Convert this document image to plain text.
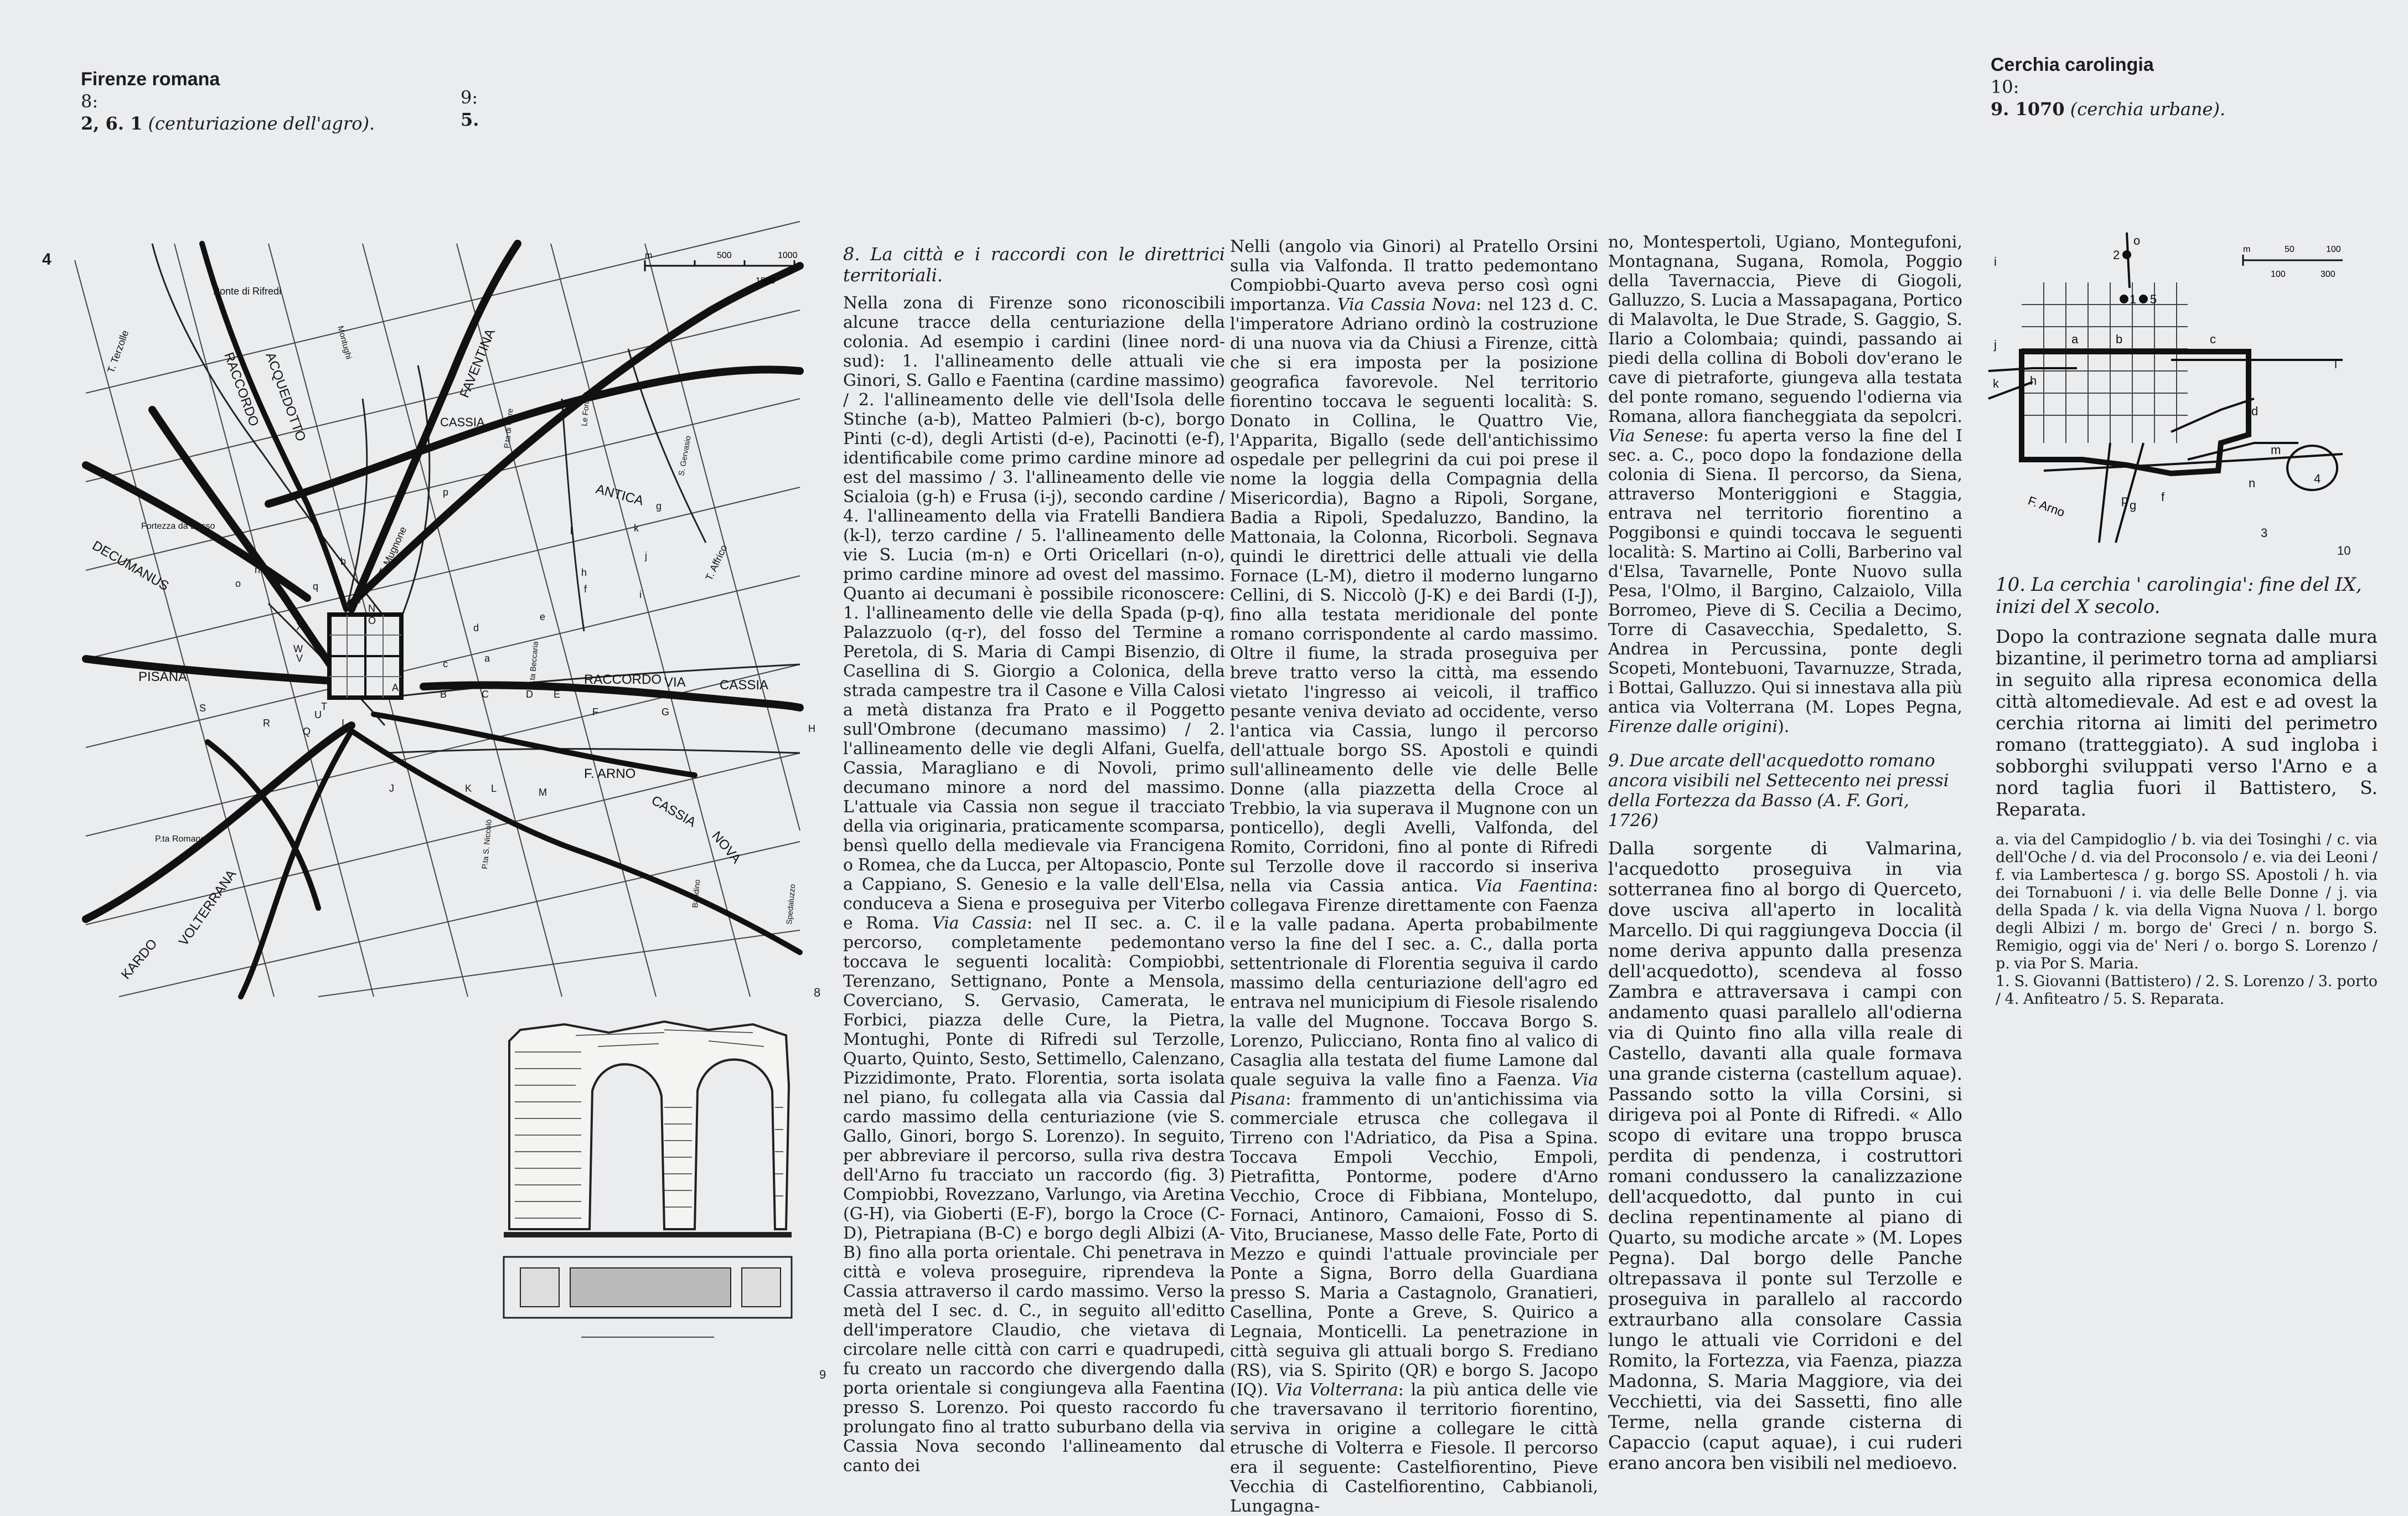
Firenze romana
8:
2, 6. 1 (centuriazione dell'agro).
9:
5.
Cerchia carolingia
10:
9. 1070 (cerchia urbane).
4	m	500	1000
1500
T. Terzolle
Ponte di Rifredi
Montughi	FAVENTINA
RACCORDO ACQUEDOTTO	CASSIA P.ta di Cure	Le Forbici
S. Gervasio
ANTICA
Fortezza da Basso	T. Mugnone
DECUMANUS	T. Affrico
PISANA	RACCORDO VIA	CASSIA
P.ta Beccaria
F. ARNO
P.ta Romana
CASSIA
NOVA
P.ta S. Niccolò
Bandino	Spedaluzzo
KARDO
VOLTERRANA
a
b
c
d
e
f
g
h
i
j
k
l
m
n
o
p
q
A
B	C	D E
F	G
H
I
J	K L	M
N
O
P
Q
R
S	T
U
V
W
X
8
9

8. La città e i raccordi con le direttrici territoriali.

Nella zona di Firenze sono riconoscibili alcune tracce della centuriazione della colonia. Ad esempio i cardini (linee nord-sud): 1. l'allineamento delle attuali vie Ginori, S. Gallo e Faentina (cardine massimo) / 2. l'allineamento delle vie dell'Isola delle Stinche (a-b), Matteo Palmieri (b-c), borgo Pinti (c-d), degli Artisti (d-e), Pacinotti (e-f), identificabile come primo cardine minore ad est del massimo / 3. l'allineamento delle vie Scialoia (g-h) e Frusa (i-j), secondo cardine / 4. l'allineamento della via Fratelli Bandiera (k-l), terzo cardine / 5. l'allineamento delle vie S. Lucia (m-n) e Orti Oricellari (n-o), primo cardine minore ad ovest del massimo. Quanto ai decumani è possibile riconoscere: 1. l'allineamento delle vie della Spada (p-q), Palazzuolo (q-r), del fosso del Termine a Peretola, di S. Maria di Campi Bisenzio, di Casellina di S. Giorgio a Colonica, della strada campestre tra il Casone e Villa Calosi a metà distanza fra Prato e il Poggetto sull'Ombrone (decumano massimo) / 2. l'allineamento delle vie degli Alfani, Guelfa, Cassia, Maragliano e di Novoli, primo decumano minore a nord del massimo. L'attuale via Cassia non segue il tracciato della via originaria, praticamente scomparsa, bensì quello della medievale via Francigena o Romea, che da Lucca, per Altopascio, Ponte a Cappiano, S. Genesio e la valle dell'Elsa, conduceva a Siena e proseguiva per Viterbo e Roma. Via Cassia: nel II sec. a. C. il percorso, completamente pedemontano toccava le seguenti località: Compiobbi, Terenzano, Settignano, Ponte a Mensola, Coverciano, S. Gervasio, Camerata, le Forbici, piazza delle Cure, la Pietra, Montughi, Ponte di Rifredi sul Terzolle, Quarto, Quinto, Sesto, Settimello, Calenzano, Pizzidimonte, Prato. Florentia, sorta isolata nel piano, fu collegata alla via Cassia dal cardo massimo della centuriazione (vie S. Gallo, Ginori, borgo S. Lorenzo). In seguito, per abbreviare il percorso, sulla riva destra dell'Arno fu tracciato un raccordo (fig. 3) Compiobbi, Rovezzano, Varlungo, via Aretina (G-H), via Gioberti (E-F), borgo la Croce (C-D), Pietrapiana (B-C) e borgo degli Albizi (A-B) fino alla porta orientale. Chi penetrava in città e voleva proseguire, riprendeva la Cassia attraverso il cardo massimo. Verso la metà del I sec. d. C., in seguito all'editto dell'imperatore Claudio, che vietava di circolare nelle città con carri e quadrupedi, fu creato un raccordo che divergendo dalla porta orientale si congiungeva alla Faentina presso S. Lorenzo. Poi questo raccordo fu prolungato fino al tratto suburbano della via Cassia Nova secondo l'allineamento dal canto dei

Nelli (angolo via Ginori) al Pratello Orsini sulla via Valfonda. Il tratto pedemontano Compiobbi-Quarto aveva perso così ogni importanza. Via Cassia Nova: nel 123 d. C. l'imperatore Adriano ordinò la costruzione di una nuova via da Chiusi a Firenze, città che si era imposta per la posizione geografica favorevole. Nel territorio fiorentino toccava le seguenti località: S. Donato in Collina, le Quattro Vie, l'Apparita, Bigallo (sede dell'antichissimo ospedale per pellegrini da cui poi prese il nome la loggia della Compagnia della Misericordia), Bagno a Ripoli, Sorgane, Badia a Ripoli, Spedaluzzo, Bandino, la Mattonaia, la Colonna, Ricorboli. Segnava quindi le direttrici delle attuali vie della Fornace (L-M), dietro il moderno lungarno Cellini, di S. Niccolò (J-K) e dei Bardi (I-J), fino alla testata meridionale del ponte romano corrispondente al cardo massimo. Oltre il fiume, la strada proseguiva per breve tratto verso la città, ma essendo vietato l'ingresso ai veicoli, il traffico pesante veniva deviato ad occidente, verso l'antica via Cassia, lungo il percorso dell'attuale borgo SS. Apostoli e quindi sull'allineamento delle vie delle Belle Donne (alla piazzetta della Croce al Trebbio, la via superava il Mugnone con un ponticello), degli Avelli, Valfonda, del Romito, Corridoni, fino al ponte di Rifredi sul Terzolle dove il raccordo si inseriva nella via Cassia antica. Via Faentina: collegava Firenze direttamente con Faenza e la valle padana. Aperta probabilmente verso la fine del I sec. a. C., dalla porta settentrionale di Florentia seguiva il cardo massimo della centuriazione dell'agro ed entrava nel municipium di Fiesole risalendo la valle del Mugnone. Toccava Borgo S. Lorenzo, Pulicciano, Ronta fino al valico di Casaglia alla testata del fiume Lamone dal quale seguiva la valle fino a Faenza. Via Pisana: frammento di un'antichissima via commerciale etrusca che collegava il Tirreno con l'Adriatico, da Pisa a Spina. Toccava Empoli Vecchio, Empoli, Pietrafitta, Pontorme, podere d'Arno Vecchio, Croce di Fibbiana, Montelupo, Fornaci, Antinoro, Camaioni, Fosso di S. Vito, Brucianese, Masso delle Fate, Porto di Mezzo e quindi l'attuale provinciale per Ponte a Signa, Borro della Guardiana presso S. Maria a Castagnolo, Granatieri, Casellina, Ponte a Greve, S. Quirico a Legnaia, Monticelli. La penetrazione in città seguiva gli attuali borgo S. Frediano (RS), via S. Spirito (QR) e borgo S. Jacopo (IQ). Via Volterrana: la più antica delle vie che traversavano il territorio fiorentino, serviva in origine a collegare le città etrusche di Volterra e Fiesole. Il percorso era il seguente: Castelfiorentino, Pieve Vecchia di Castelfiorentino, Cabbianoli, Lungagna-

no, Montespertoli, Ugiano, Montegufoni, Montagnana, Sugana, Romola, Poggio della Tavernaccia, Pieve di Giogoli, Galluzzo, S. Lucia a Massapagana, Portico di Malavolta, le Due Strade, S. Gaggio, S. Ilario a Colombaia; quindi, passando ai piedi della collina di Boboli dov'erano le cave di pietraforte, giungeva alla testata del ponte romano, seguendo l'odierna via Romana, allora fiancheggiata da sepolcri. Via Senese: fu aperta verso la fine del I sec. a. C., poco dopo la fondazione della colonia di Siena. Il percorso, da Siena, attraverso Monteriggioni e Staggia, entrava nel territorio fiorentino a Poggibonsi e quindi toccava le seguenti località: S. Martino ai Colli, Barberino val d'Elsa, Tavarnelle, Ponte Nuovo sulla Pesa, l'Olmo, il Bargino, Calzaiolo, Villa Borromeo, Pieve di S. Cecilia a Decimo, Torre di Casavecchia, Spedaletto, S. Andrea in Percussina, ponte degli Scopeti, Montebuoni, Tavarnuzze, Strada, i Bottai, Galluzzo. Qui si innestava alla più antica via Volterrana (M. Lopes Pegna, Firenze dalle origini).

9. Due arcate dell'acquedotto romano ancora visibili nel Settecento nei pressi della Fortezza da Basso (A. F. Gori, 1726)

Dalla sorgente di Valmarina, l'acquedotto proseguiva in via sotterranea fino al borgo di Querceto, dove usciva all'aperto in località Marcello. Di qui raggiungeva Doccia (il nome deriva appunto dalla presenza dell'acquedotto), scendeva al fosso Zambra e attraversava i campi con andamento quasi parallelo all'odierna via di Quinto fino alla villa reale di Castello, davanti alla quale formava una grande cisterna (castellum aquae). Passando sotto la villa Corsini, si dirigeva poi al Ponte di Rifredi. « Allo scopo di evitare una troppo brusca perdita di pendenza, i costruttori romani condussero la canalizzazione dell'acquedotto, dal punto in cui declina repentinamente al piano di Quarto, su modiche arcate » (M. Lopes Pegna). Dal borgo delle Panche oltrepassava il ponte sul Terzolle e proseguiva in parallelo al raccordo extraurbano alla consolare Cassia lungo le attuali vie Corridoni e del Romito, la Fortezza, via Faenza, piazza Madonna, S. Maria Maggiore, via dei Vecchietti, via dei Sassetti, fino alle Terme, nella grande cisterna di Capaccio (caput aquae), i cui ruderi erano ancora ben visibili nel medioevo.

m	50	100
100	300
a	b	c
d
f
g
h
i
j
k
l
m
n
o
p
1
2
3
4
5
F. Arno
10

10. La cerchia ' carolingia': fine del IX, inizi del X secolo.

Dopo la contrazione segnata dalle mura bizantine, il perimetro torna ad ampliarsi in seguito alla ripresa economica della città altomedievale. Ad est e ad ovest la cerchia ritorna ai limiti del perimetro romano (tratteggiato). A sud ingloba i sobborghi sviluppati verso l'Arno e a nord taglia fuori il Battistero, S. Reparata.

a. via del Campidoglio / b. via dei Tosinghi / c. via dell'Oche / d. via del Proconsolo / e. via dei Leoni / f. via Lambertesca / g. borgo SS. Apostoli / h. via dei Tornabuoni / i. via delle Belle Donne / j. via della Spada / k. via della Vigna Nuova / l. borgo degli Albizi / m. borgo de' Greci / n. borgo S. Remigio, oggi via de' Neri / o. borgo S. Lorenzo / p. via Por S. Maria.

1. S. Giovanni (Battistero) / 2. S. Lorenzo / 3. porto / 4. Anfiteatro / 5. S. Reparata.
